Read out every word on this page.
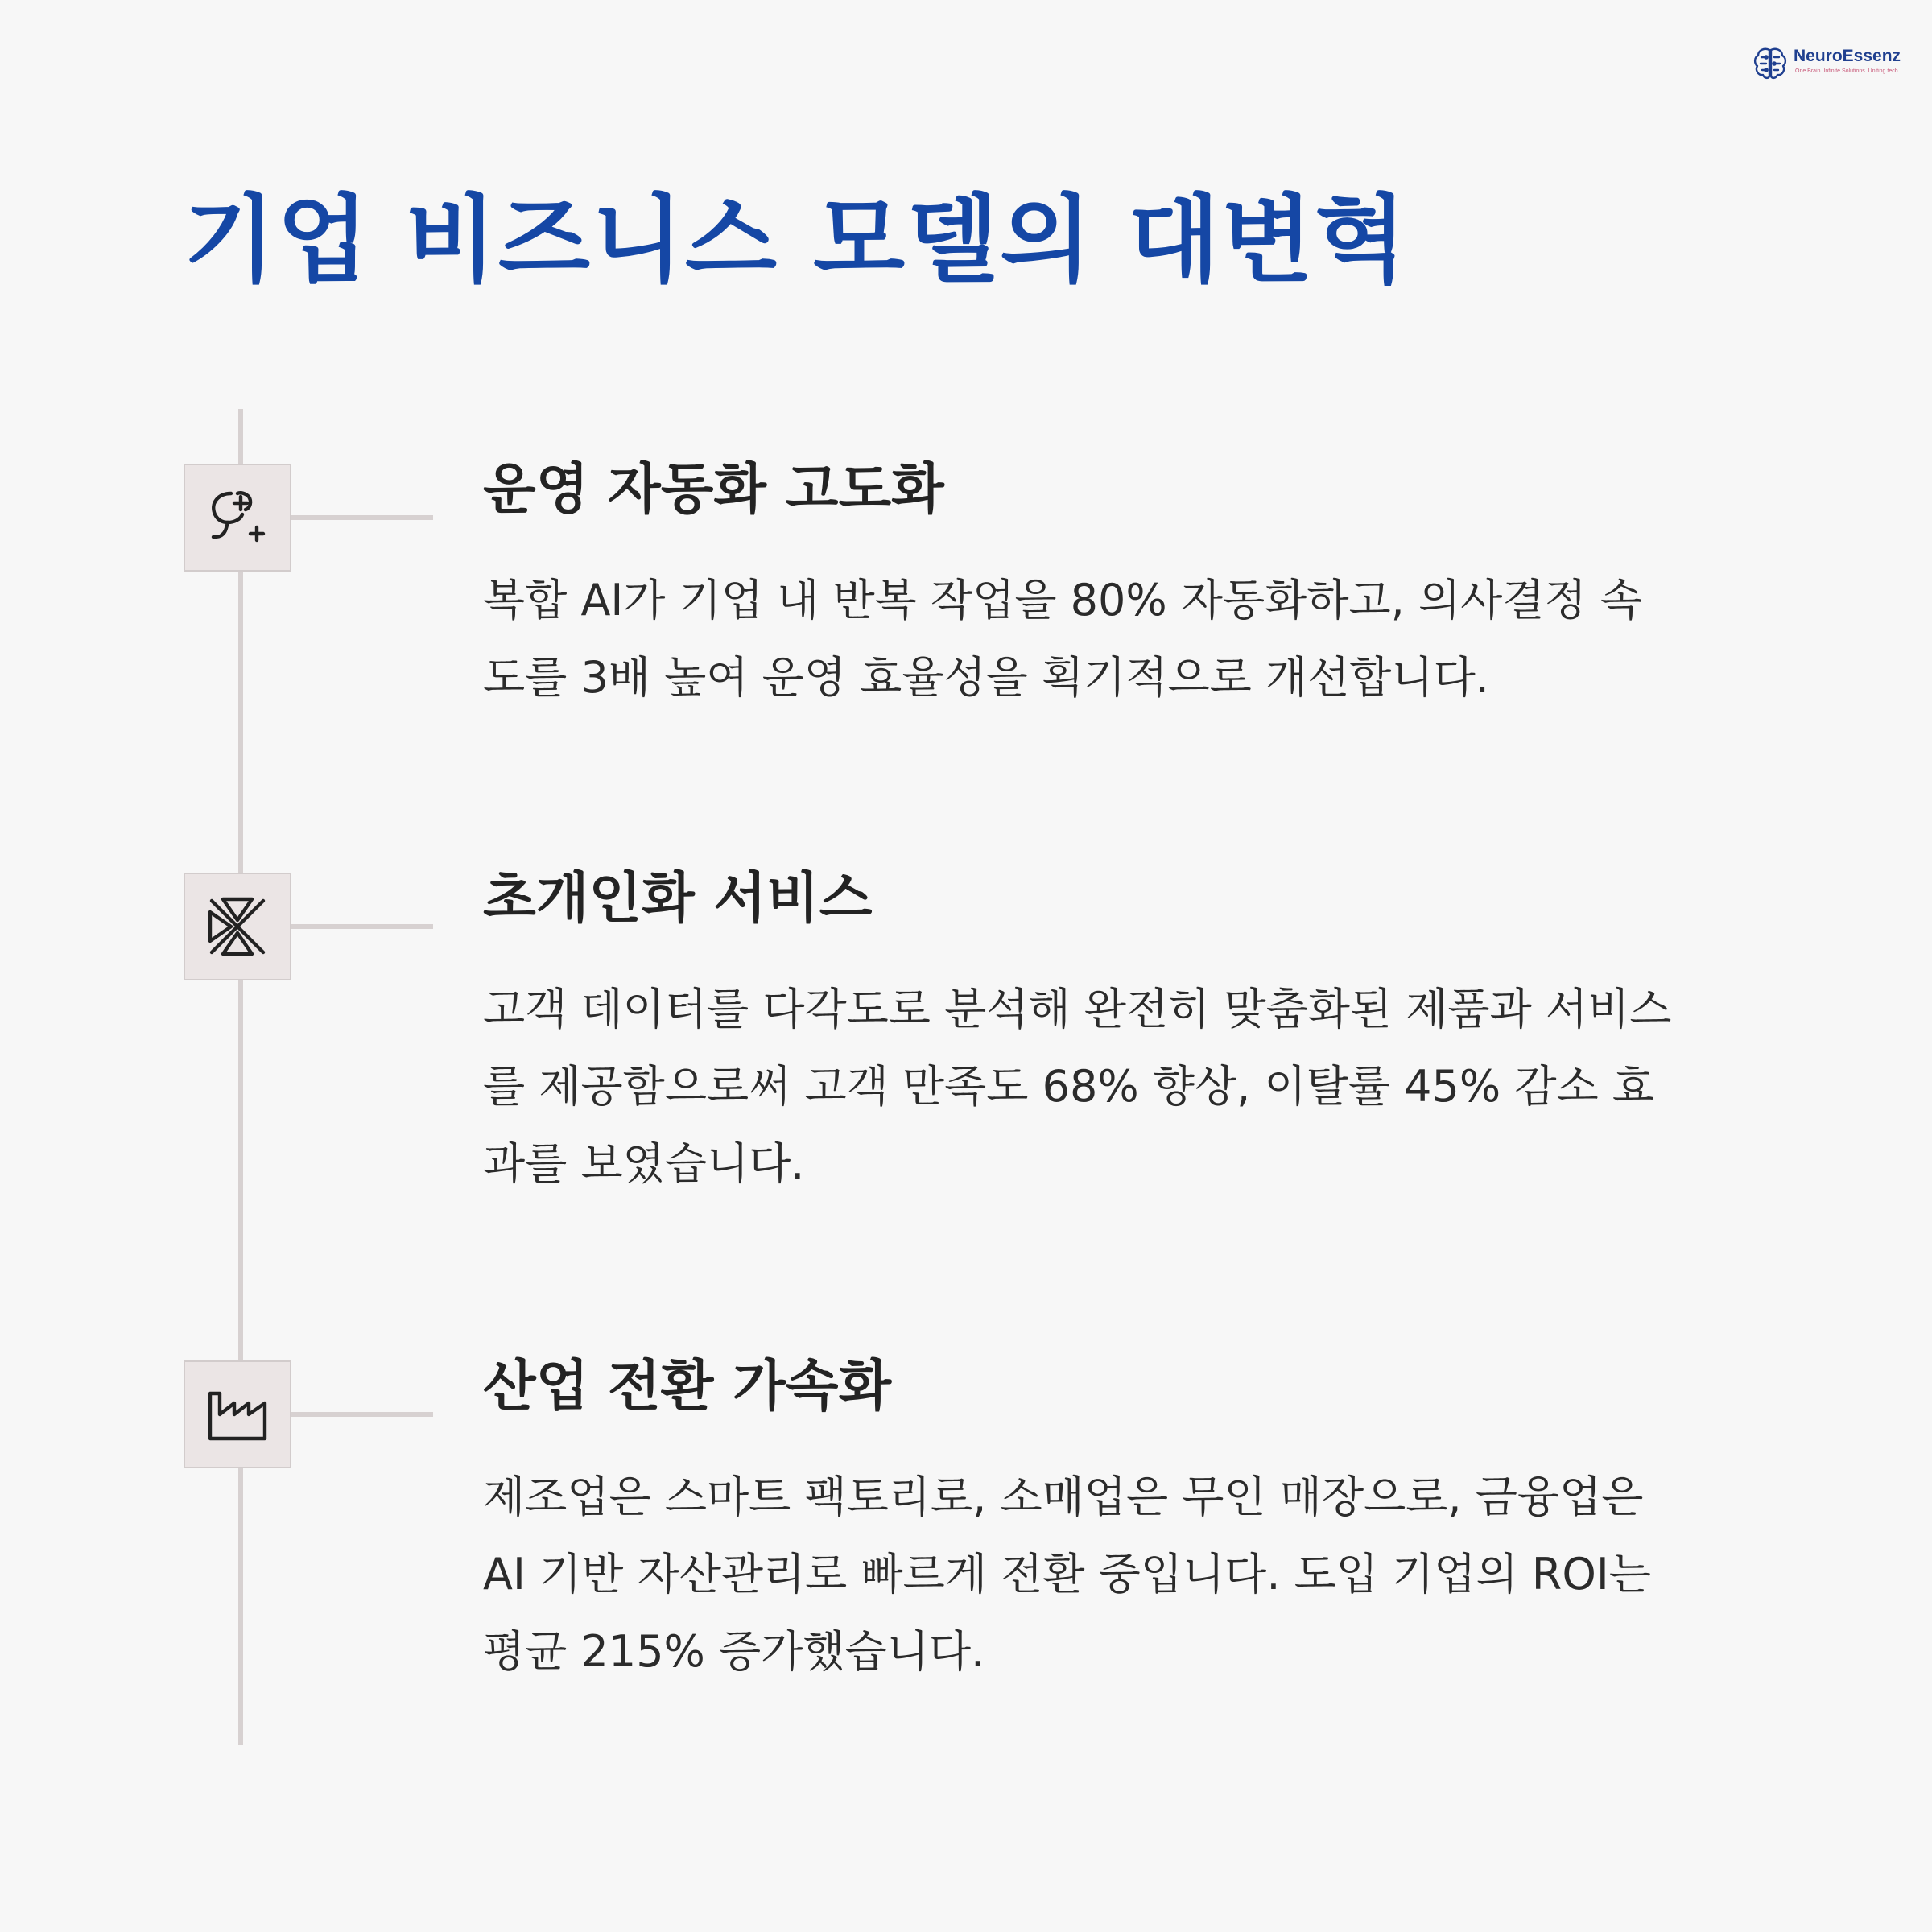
NeuroEssenz
One Brain. Infinite Solutions. Uniting tech
기업 비즈니스 모델의 대변혁
운영 자동화 고도화

복합 AI가 기업 내 반복 작업을 80% 자동화하고, 의사결정 속
도를 3배 높여 운영 효율성을 획기적으로 개선합니다.

초개인화 서비스

고객 데이터를 다각도로 분석해 완전히 맞춤화된 제품과 서비스
를 제공함으로써 고객 만족도 68% 향상, 이탈률 45% 감소 효
과를 보였습니다.

산업 전환 가속화

제조업은 스마트 팩토리로, 소매업은 무인 매장으로, 금융업은
AI 기반 자산관리로 빠르게 전환 중입니다. 도입 기업의 ROI는
평균 215% 증가했습니다.
